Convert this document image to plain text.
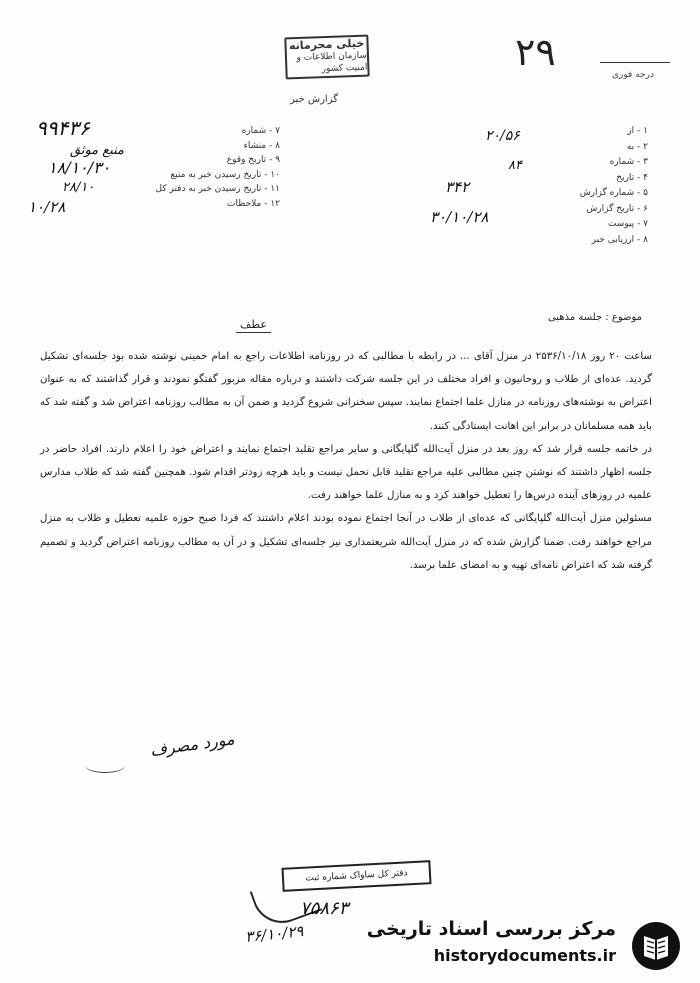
خیلی محرمانه
سازمان اطلاعات و امنیت کشور
گزارش خبر
۲۹
درجه فوری
۷ - شماره
۸ - منشاء
۹ - تاریخ وقوع
۱۰ - تاریخ رسیدن خبر به منبع
۱۱ - تاریخ رسیدن خبر به دفتر کل
۱۲ - ملاحظات
۹۹۴۳۶
منبع موثق
۱۸/۱۰/۳۰
۲۸/۱۰
۱۰/۲۸
۱ - از
۲ - به
۳ - شماره
۴ - تاریخ
۵ - شماره گزارش
۶ - تاریخ گزارش
۷ - پیوست
۸ - ارزیابی خبر
۲۰/۵۶
۸۴
۳۴۲
۳۰/۱۰/۲۸
موضوع : جلسه مذهبی
عطف

ساعت ۲۰ روز ۲۵۳۶/۱۰/۱۸ در منزل آقای ... در رابطه با مطالبی که در روزنامه اطلاعات راجع به امام خمینی نوشته شده بود جلسه‌ای تشکیل گردید. عده‌ای از طلاب و روحانیون و افراد مختلف در این جلسه شرکت داشتند و درباره مقاله مزبور گفتگو نمودند و قرار گذاشتند که به عنوان اعتراض به نوشته‌های روزنامه در منازل علما اجتماع نمایند. سپس سخنرانی شروع گردید و ضمن آن به مطالب روزنامه اعتراض شد و گفته شد که باید همه مسلمانان در برابر این اهانت ایستادگی کنند.

در خاتمه جلسه قرار شد که روز بعد در منزل آیت‌الله گلپایگانی و سایر مراجع تقلید اجتماع نمایند و اعتراض خود را اعلام دارند. افراد حاضر در جلسه اظهار داشتند که نوشتن چنین مطالبی علیه مراجع تقلید قابل تحمل نیست و باید هرچه زودتر اقدام شود. همچنین گفته شد که طلاب مدارس علمیه در روزهای آینده درس‌ها را تعطیل خواهند کرد و به منازل علما خواهند رفت.

مسئولین منزل آیت‌الله گلپایگانی که عده‌ای از طلاب در آنجا اجتماع نموده بودند اعلام داشتند که فردا صبح حوزه علمیه تعطیل و طلاب به منزل مراجع خواهند رفت. ضمنا گزارش شده که در منزل آیت‌الله شریعتمداری نیز جلسه‌ای تشکیل و در آن به مطالب روزنامه اعتراض گردید و تصمیم گرفته شد که اعتراض نامه‌ای تهیه و به امضای علما برسد.

مورد مصرف
دفتر کل ساواک شماره ثبت
۷۵۸۶۳
۳۶/۱۰/۲۹	مرکز بررسی اسناد تاریخی
historydocuments.ir
